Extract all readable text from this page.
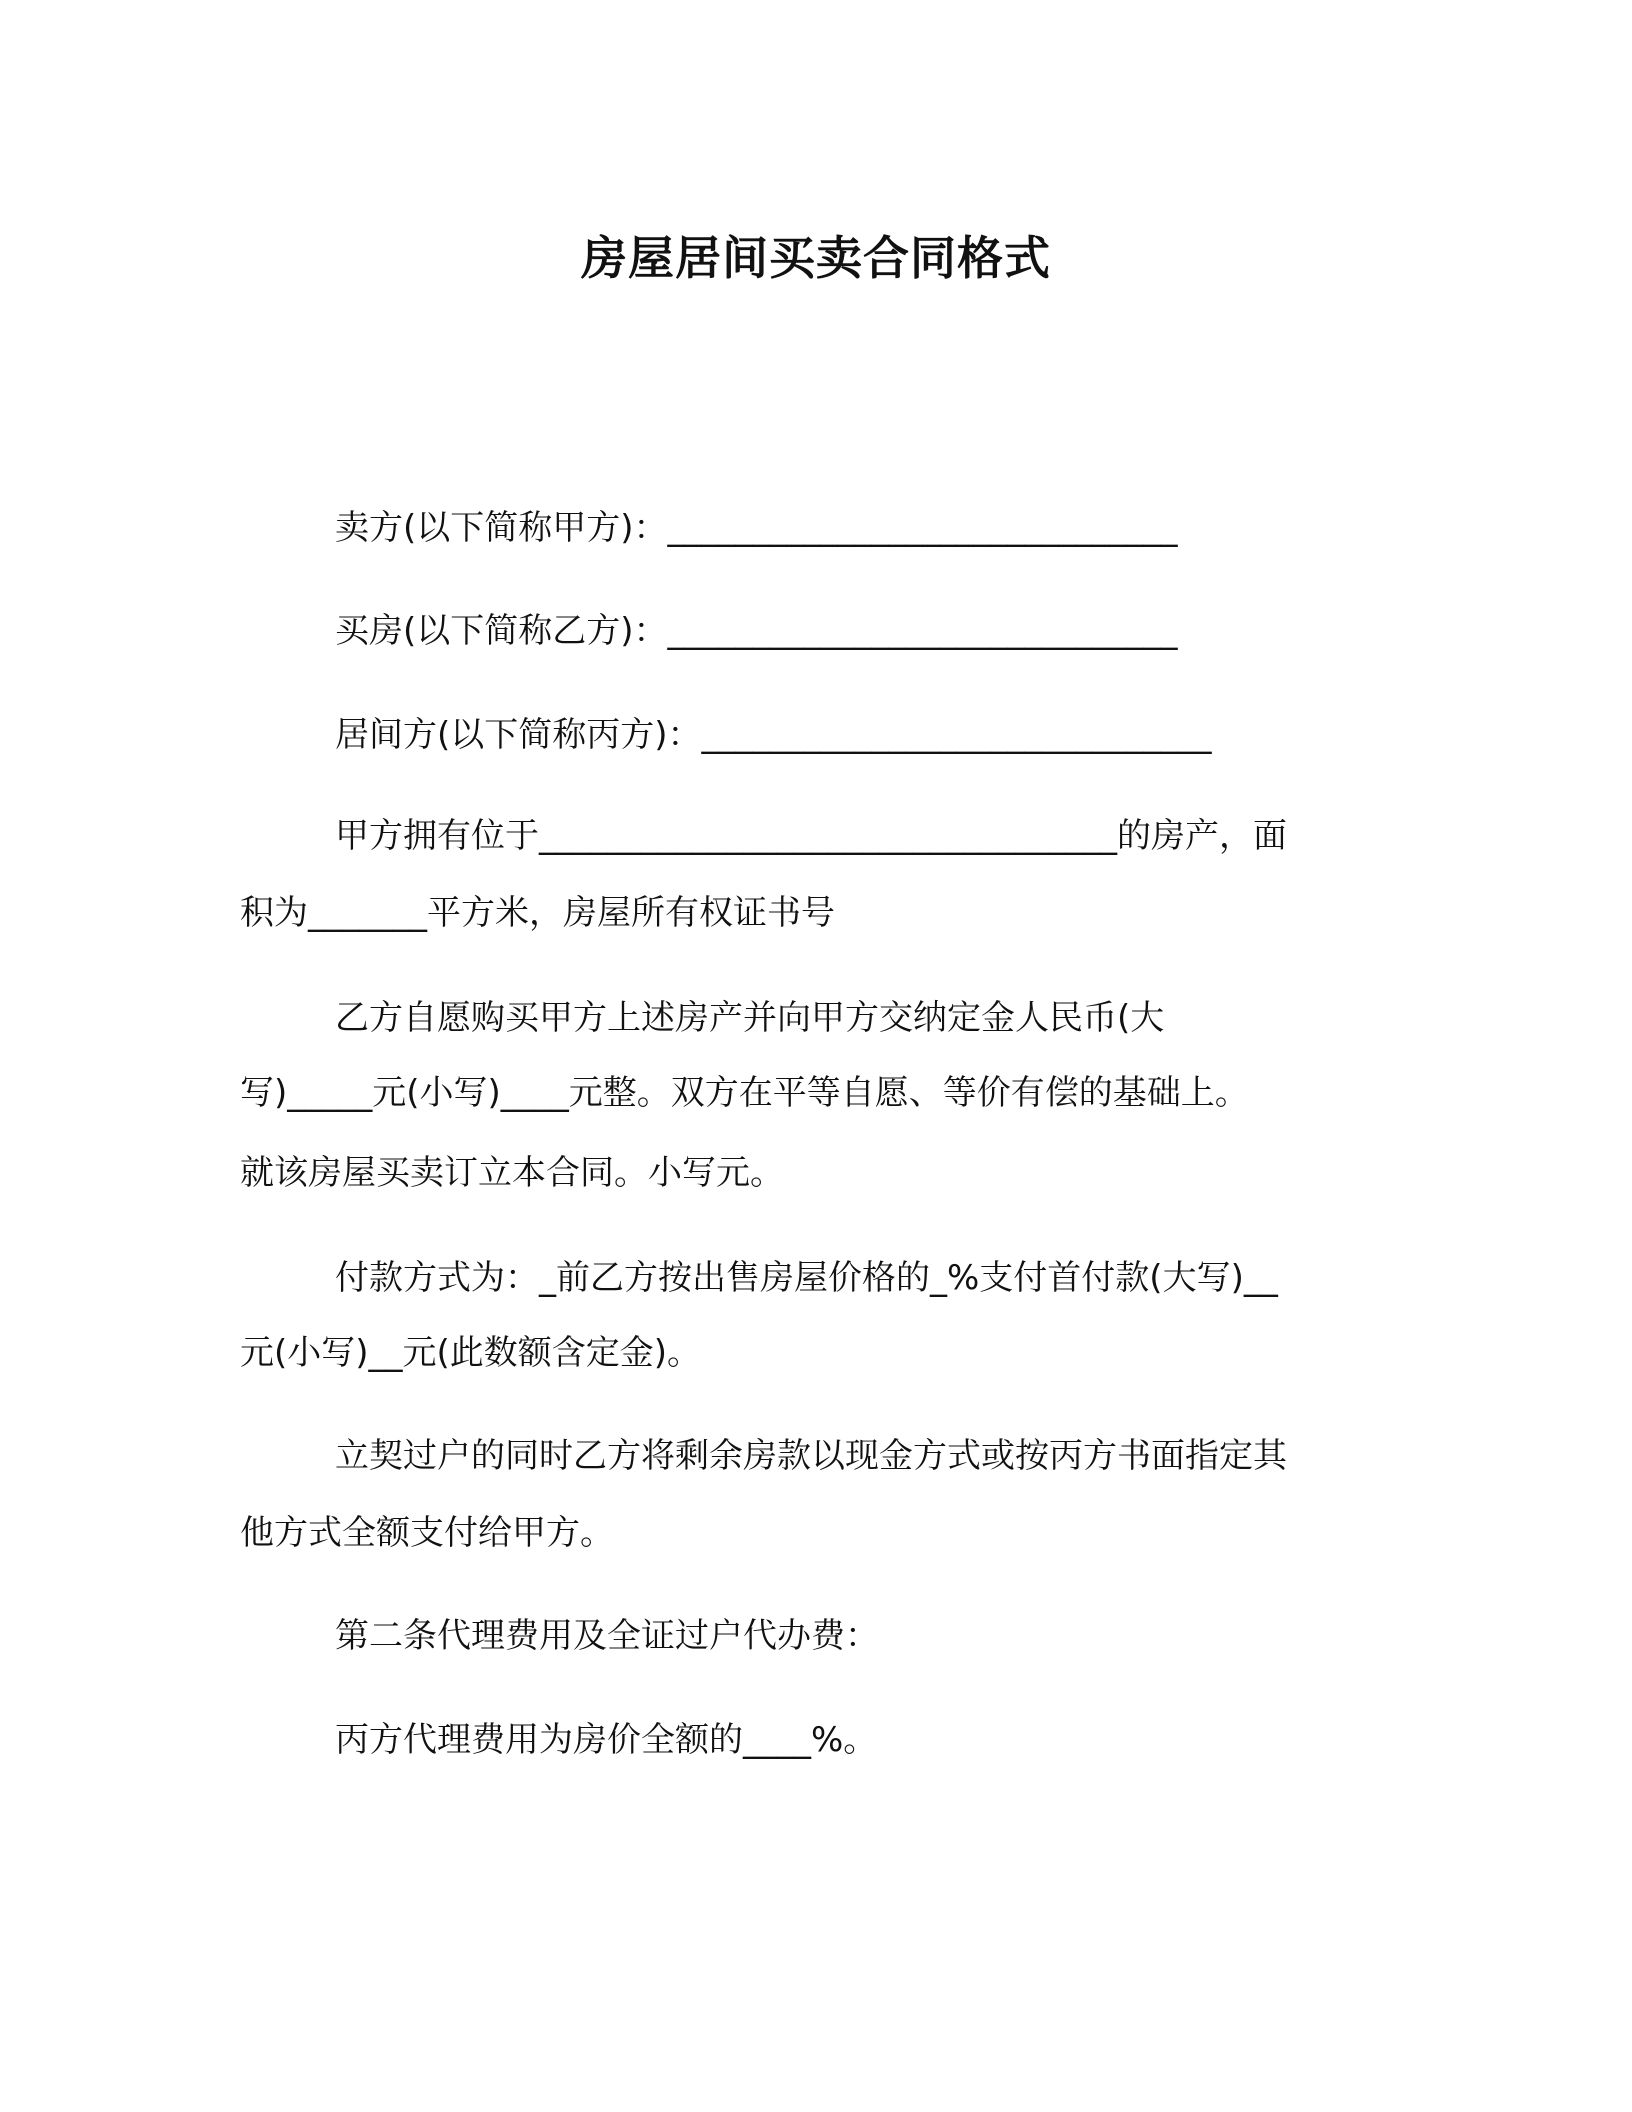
房屋居间买卖合同格式
卖方(以下简称甲方)：______________________________
买房(以下简称乙方)：______________________________
居间方(以下简称丙方)：______________________________
甲方拥有位于__________________________________的房产，面
积为_______平方米，房屋所有权证书号
乙方自愿购买甲方上述房产并向甲方交纳定金人民币(大
写)_____元(小写)____元整。双方在平等自愿、等价有偿的基础上。
就该房屋买卖订立本合同。小写元。
付款方式为：_前乙方按出售房屋价格的_%支付首付款(大写)__
元(小写)__元(此数额含定金)。
立契过户的同时乙方将剩余房款以现金方式或按丙方书面指定其
他方式全额支付给甲方。
第二条代理费用及全证过户代办费：
丙方代理费用为房价全额的____%。
